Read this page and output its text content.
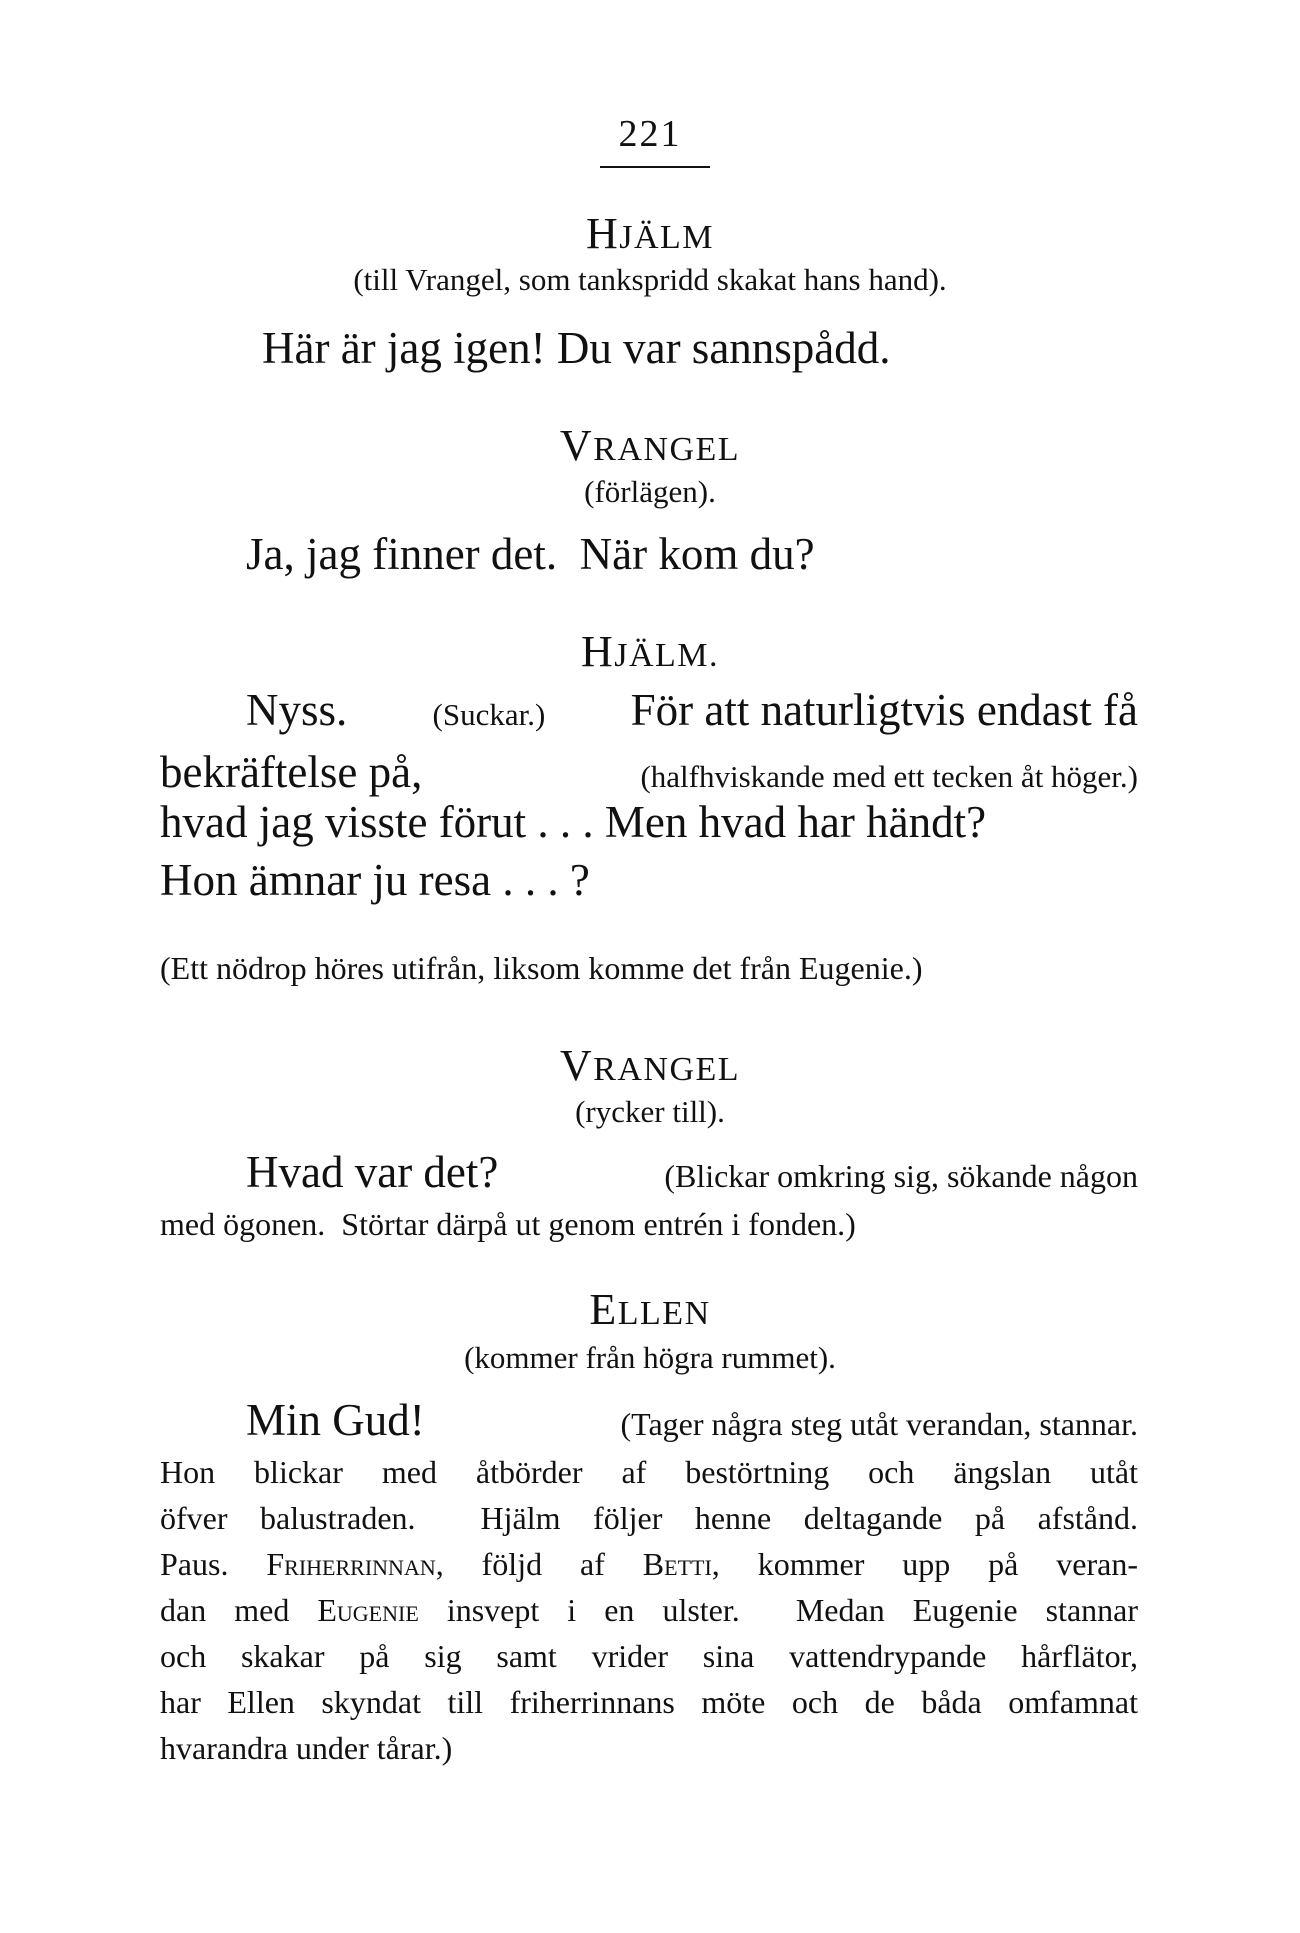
221
HJÄLM
(till Vrangel, som tankspridd skakat hans hand).
Här är jag igen! Du var sannspådd.
VRANGEL
(förlägen).
Ja, jag finner det.  När kom du?
HJÄLM.
Nyss.	(Suckar.) För att naturligtvis endast få
bekräftelse på,	(halfhviskande med ett tecken åt höger.)
hvad jag visste förut . . . Men hvad har händt?
Hon ämnar ju resa . . . ?
(Ett nödrop höres utifrån, liksom komme det från Eugenie.)
VRANGEL
(rycker till).
Hvad var det?	(Blickar omkring sig, sökande någon
med ögonen.  Störtar därpå ut genom entrén i fonden.)
ELLEN
(kommer från högra rummet).
Min Gud!	(Tager några steg utåt verandan, stannar.
Hon blickar med åtbörder af bestörtning och ängslan utåt
öfver balustraden.  Hjälm följer henne deltagande på afstånd.
Paus. Friherrinnan, följd af Betti, kommer upp på veran-
dan med Eugenie insvept i en ulster.  Medan Eugenie stannar
och skakar på sig samt vrider sina vattendrypande hårflätor,
har Ellen skyndat till friherrinnans möte och de båda omfamnat
hvarandra under tårar.)
